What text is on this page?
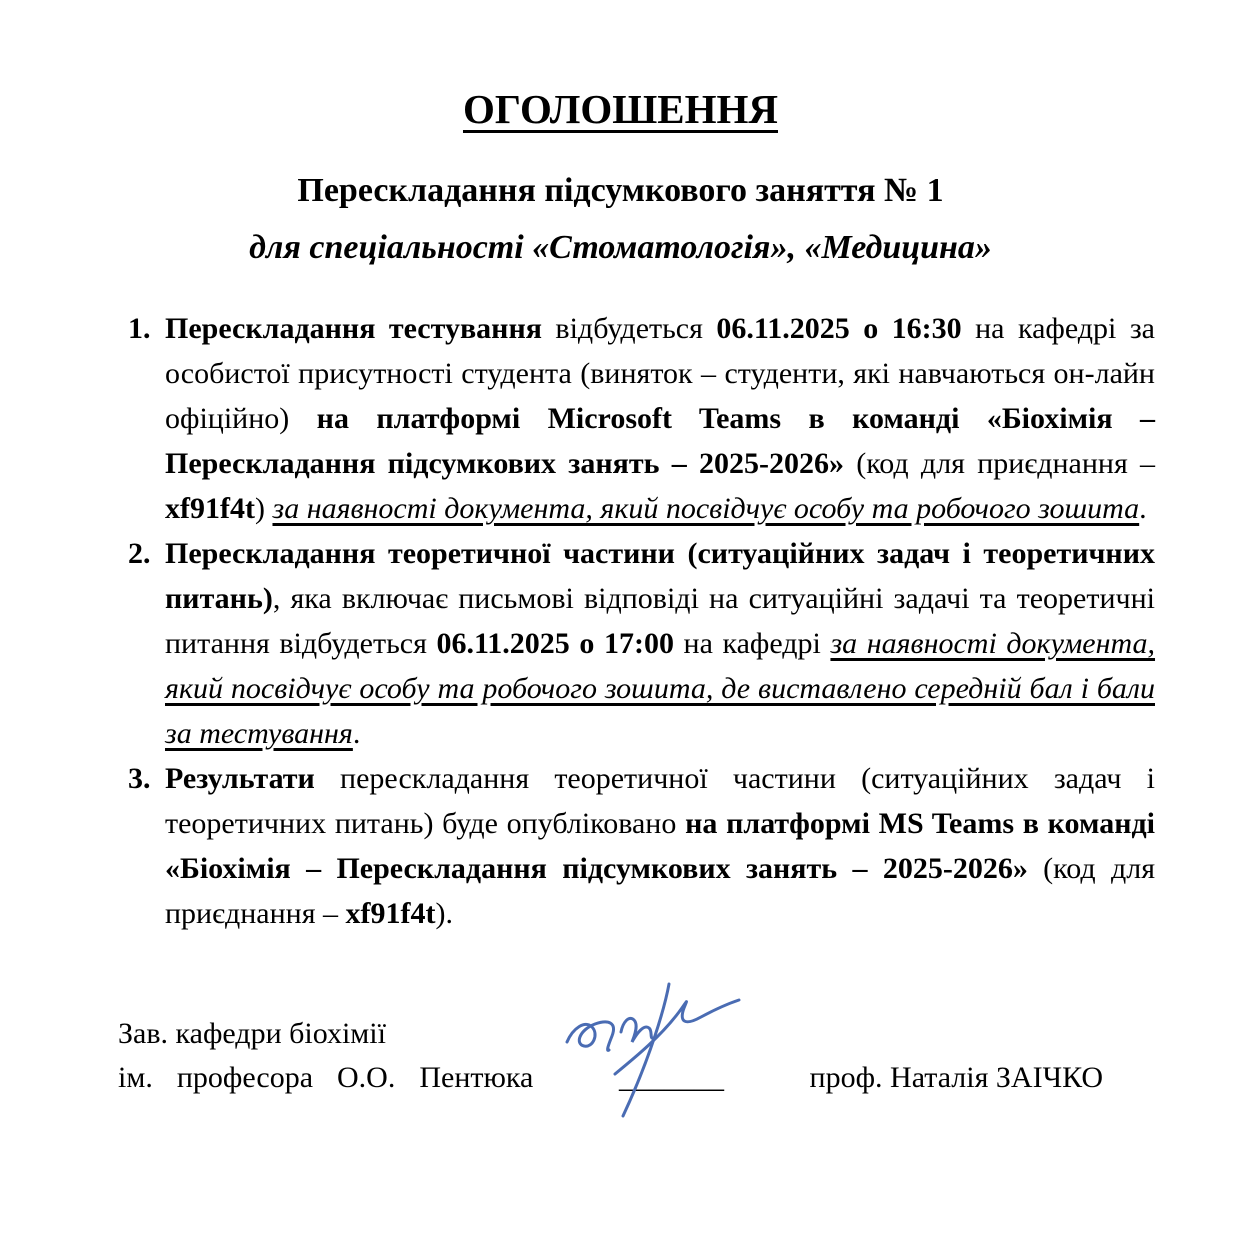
ОГОЛОШЕННЯ
Перескладання підсумкового заняття № 1
для спеціальності «Стоматологія», «Медицина»
1. Перескладання тестування відбудеться 06.11.2025 о 16:30 на кафедрі за особистої присутності студента (виняток – студенти, які навчаються он-лайн офіційно) на платформі Microsoft Teams в команді «Біохімія – Перескладання підсумкових занять – 2025-2026» (код для приєднання – xf91f4t) за наявності документа, який посвідчує особу та робочого зошита.
2. Перескладання теоретичної частини (ситуаційних задач і теоретичних питань), яка включає письмові відповіді на ситуаційні задачі та теоретичні питання відбудеться 06.11.2025 о 17:00 на кафедрі за наявності документа, який посвідчує особу та робочого зошита, де виставлено середній бал і бали за тестування.
3. Результати перескладання теоретичної частини (ситуаційних задач і теоретичних питань) буде опубліковано на платформі MS Teams в команді «Біохімія – Перескладання підсумкових занять – 2025-2026» (код для приєднання – xf91f4t).
Зав. кафедри біохімії
ім. професора О.О. Пентюка	_______	проф. Наталія ЗАІЧКО
